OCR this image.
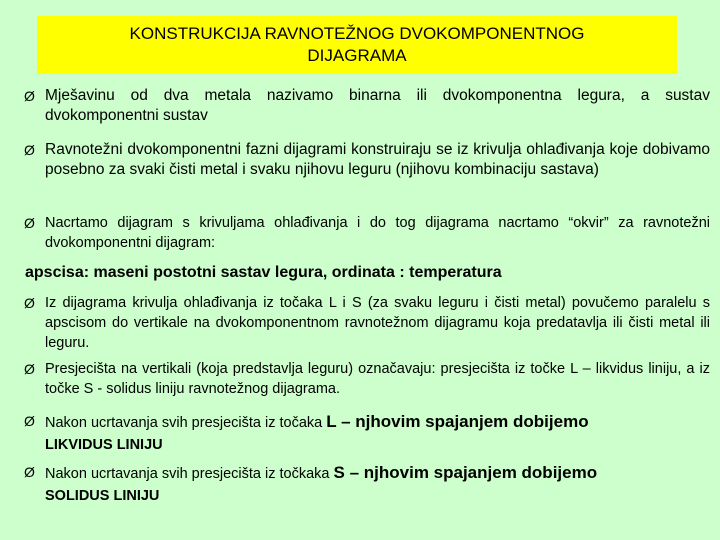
KONSTRUKCIJA RAVNOTEŽNOG DVOKOMPONENTNOG
DIJAGRAMA
Ø Mješavinu od dva metala nazivamo binarna ili dvokomponentna legura, a sustav dvokomponentni sustav
Ø Ravnotežni dvokomponentni fazni dijagrami konstruiraju se iz krivulja ohlađivanja koje dobivamo posebno za svaki čisti metal i svaku njihovu leguru (njihovu kombinaciju sastava)
Ø Nacrtamo dijagram s krivuljama ohlađivanja i do tog dijagrama nacrtamo “okvir” za ravnotežni dvokomponentni dijagram:
apscisa: maseni postotni sastav legura, ordinata : temperatura
Ø Iz dijagrama krivulja ohlađivanja iz točaka L i S (za svaku leguru i čisti metal) povučemo paralelu s apscisom do vertikale na dvokomponentnom ravnotežnom dijagramu koja predatavlja ili čisti metal ili leguru.
Ø Presjecišta na vertikali (koja predstavlja leguru) označavaju: presjecišta iz točke L – likvidus liniju, a iz točke S - solidus liniju ravnotežnog dijagrama.
Ø Nakon ucrtavanja svih presjecišta iz točaka L – njhovim spajanjem dobijemo
LIKVIDUS LINIJU
Ø Nakon ucrtavanja svih presjecišta iz točkaka S – njhovim spajanjem dobijemo
SOLIDUS LINIJU
